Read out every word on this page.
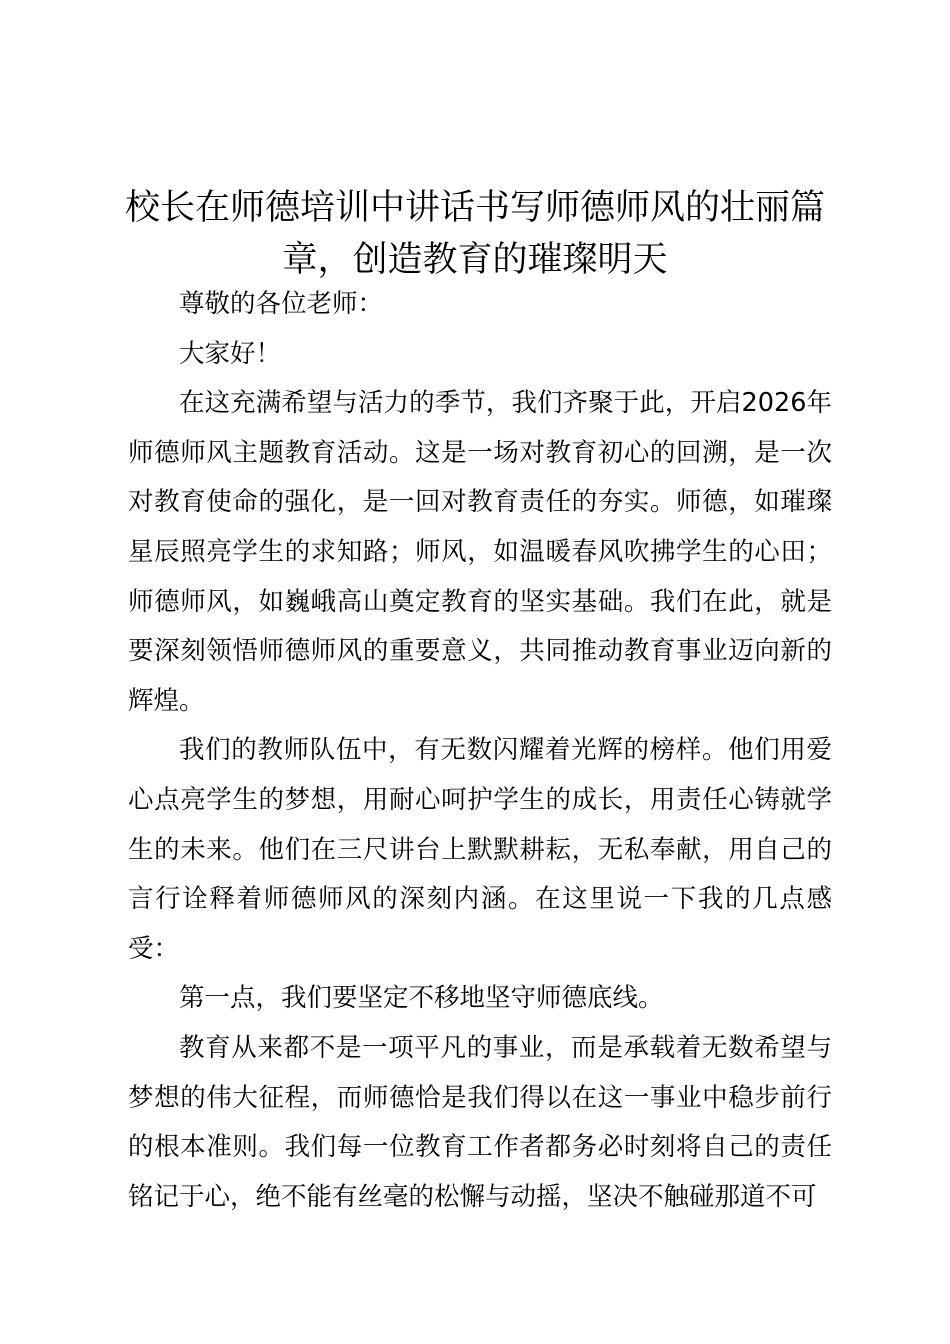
校长在师德培训中讲话书写师德师风的壮丽篇章，创造教育的璀璨明天

尊敬的各位老师：

大家好！

在这充满希望与活力的季节，我们齐聚于此，开启2026年师德师风主题教育活动。这是一场对教育初心的回溯，是一次对教育使命的强化，是一回对教育责任的夯实。师德，如璀璨星辰照亮学生的求知路；师风，如温暖春风吹拂学生的心田；师德师风，如巍峨高山奠定教育的坚实基础。我们在此，就是要深刻领悟师德师风的重要意义，共同推动教育事业迈向新的辉煌。

我们的教师队伍中，有无数闪耀着光辉的榜样。他们用爱心点亮学生的梦想，用耐心呵护学生的成长，用责任心铸就学生的未来。他们在三尺讲台上默默耕耘，无私奉献，用自己的言行诠释着师德师风的深刻内涵。在这里说一下我的几点感受：

第一点，我们要坚定不移地坚守师德底线。

教育从来都不是一项平凡的事业，而是承载着无数希望与梦想的伟大征程，而师德恰是我们得以在这一事业中稳步前行的根本准则。我们每一位教育工作者都务必时刻将自己的责任铭记于心，绝不能有丝毫的松懈与动摇，坚决不触碰那道不可
